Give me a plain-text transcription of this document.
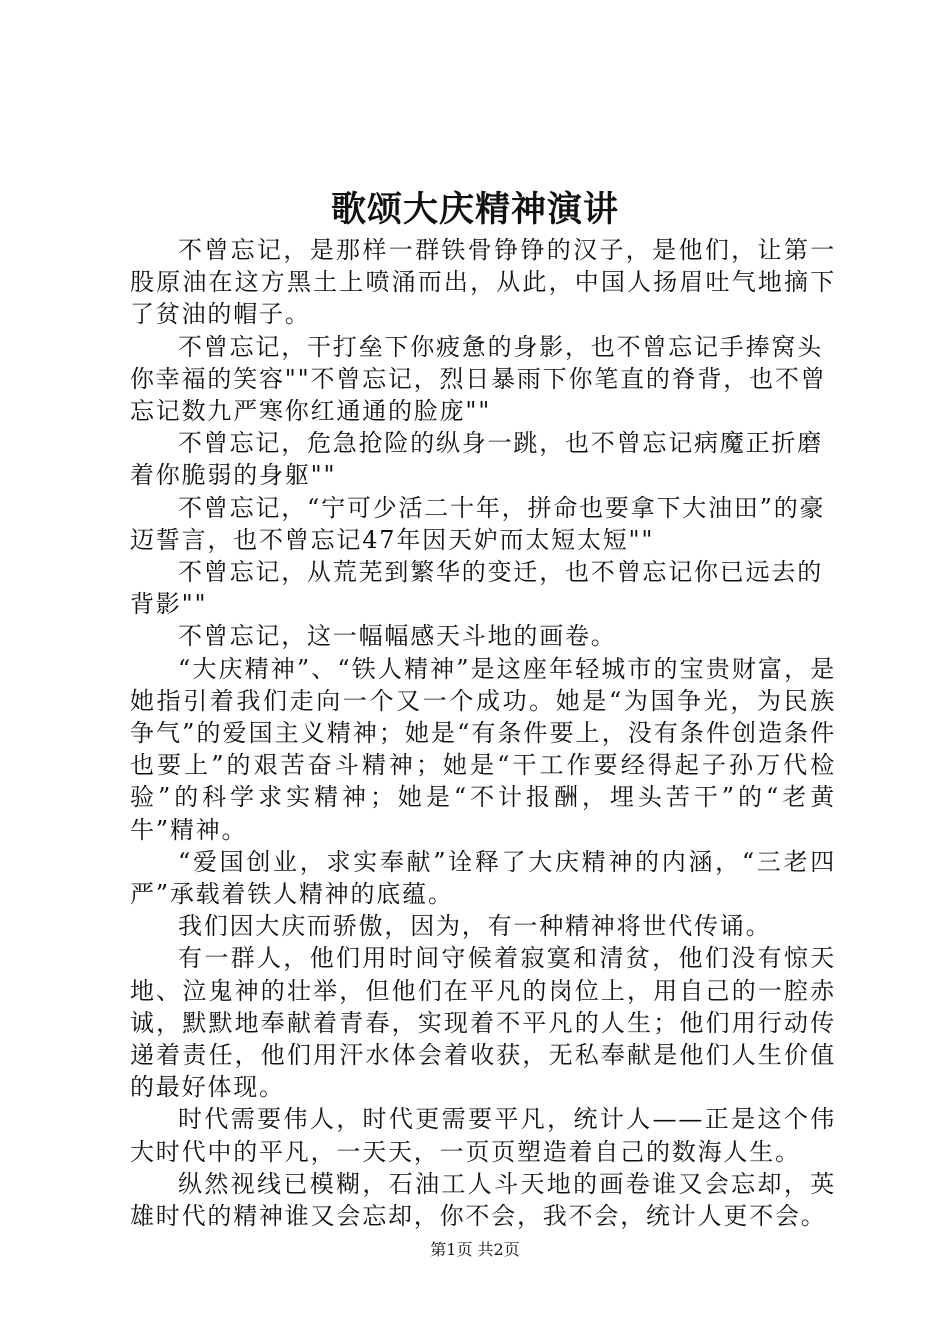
歌颂大庆精神演讲

不曾忘记，是那样一群铁骨铮铮的汉子，是他们，让第一股原油在这方黑土上喷涌而出，从此，中国人扬眉吐气地摘下了贫油的帽子。

不曾忘记，干打垒下你疲惫的身影，也不曾忘记手捧窝头你幸福的笑容""不曾忘记，烈日暴雨下你笔直的脊背，也不曾忘记数九严寒你红通通的脸庞""

不曾忘记，危急抢险的纵身一跳，也不曾忘记病魔正折磨着你脆弱的身躯""

不曾忘记，“宁可少活二十年，拼命也要拿下大油田”的豪迈誓言，也不曾忘记47年因天妒而太短太短""

不曾忘记，从荒芜到繁华的变迁，也不曾忘记你已远去的背影""

不曾忘记，这一幅幅感天斗地的画卷。

“大庆精神”、“铁人精神”是这座年轻城市的宝贵财富，是她指引着我们走向一个又一个成功。她是“为国争光，为民族争气”的爱国主义精神；她是“有条件要上，没有条件创造条件也要上”的艰苦奋斗精神；她是“干工作要经得起子孙万代检验”的科学求实精神；她是“不计报酬，埋头苦干”的“老黄牛”精神。

“爱国创业，求实奉献”诠释了大庆精神的内涵，“三老四严”承载着铁人精神的底蕴。

我们因大庆而骄傲，因为，有一种精神将世代传诵。

有一群人，他们用时间守候着寂寞和清贫，他们没有惊天地、泣鬼神的壮举，但他们在平凡的岗位上，用自己的一腔赤诚，默默地奉献着青春，实现着不平凡的人生；他们用行动传递着责任，他们用汗水体会着收获，无私奉献是他们人生价值的最好体现。

时代需要伟人，时代更需要平凡，统计人——正是这个伟大时代中的平凡，一天天，一页页塑造着自己的数海人生。

纵然视线已模糊，石油工人斗天地的画卷谁又会忘却，英雄时代的精神谁又会忘却，你不会，我不会，统计人更不会。

第1页 共2页
